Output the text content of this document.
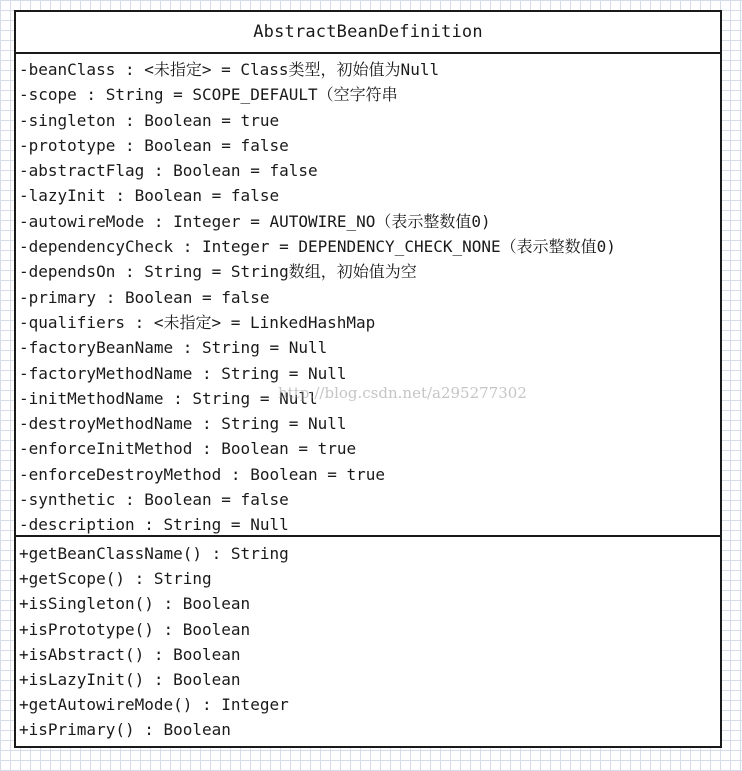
AbstractBeanDefinition
-beanClass : <未指定> = Class类型，初始值为Null
-scope : String = SCOPE_DEFAULT（空字符串
-singleton : Boolean = true
-prototype : Boolean = false
-abstractFlag : Boolean = false
-lazyInit : Boolean = false
-autowireMode : Integer = AUTOWIRE_NO（表示整数值0)
-dependencyCheck : Integer = DEPENDENCY_CHECK_NONE（表示整数值0)
-dependsOn : String = String数组，初始值为空
-primary : Boolean = false
-qualifiers : <未指定> = LinkedHashMap
-factoryBeanName : String = Null
-factoryMethodName : String = Null
-initMethodName : String = Null
-destroyMethodName : String = Null
-enforceInitMethod : Boolean = true
-enforceDestroyMethod : Boolean = true
-synthetic : Boolean = false
-description : String = Null
+getBeanClassName() : String
+getScope() : String
+isSingleton() : Boolean
+isPrototype() : Boolean
+isAbstract() : Boolean
+isLazyInit() : Boolean
+getAutowireMode() : Integer
+isPrimary() : Boolean
http://blog.csdn.net/a295277302
